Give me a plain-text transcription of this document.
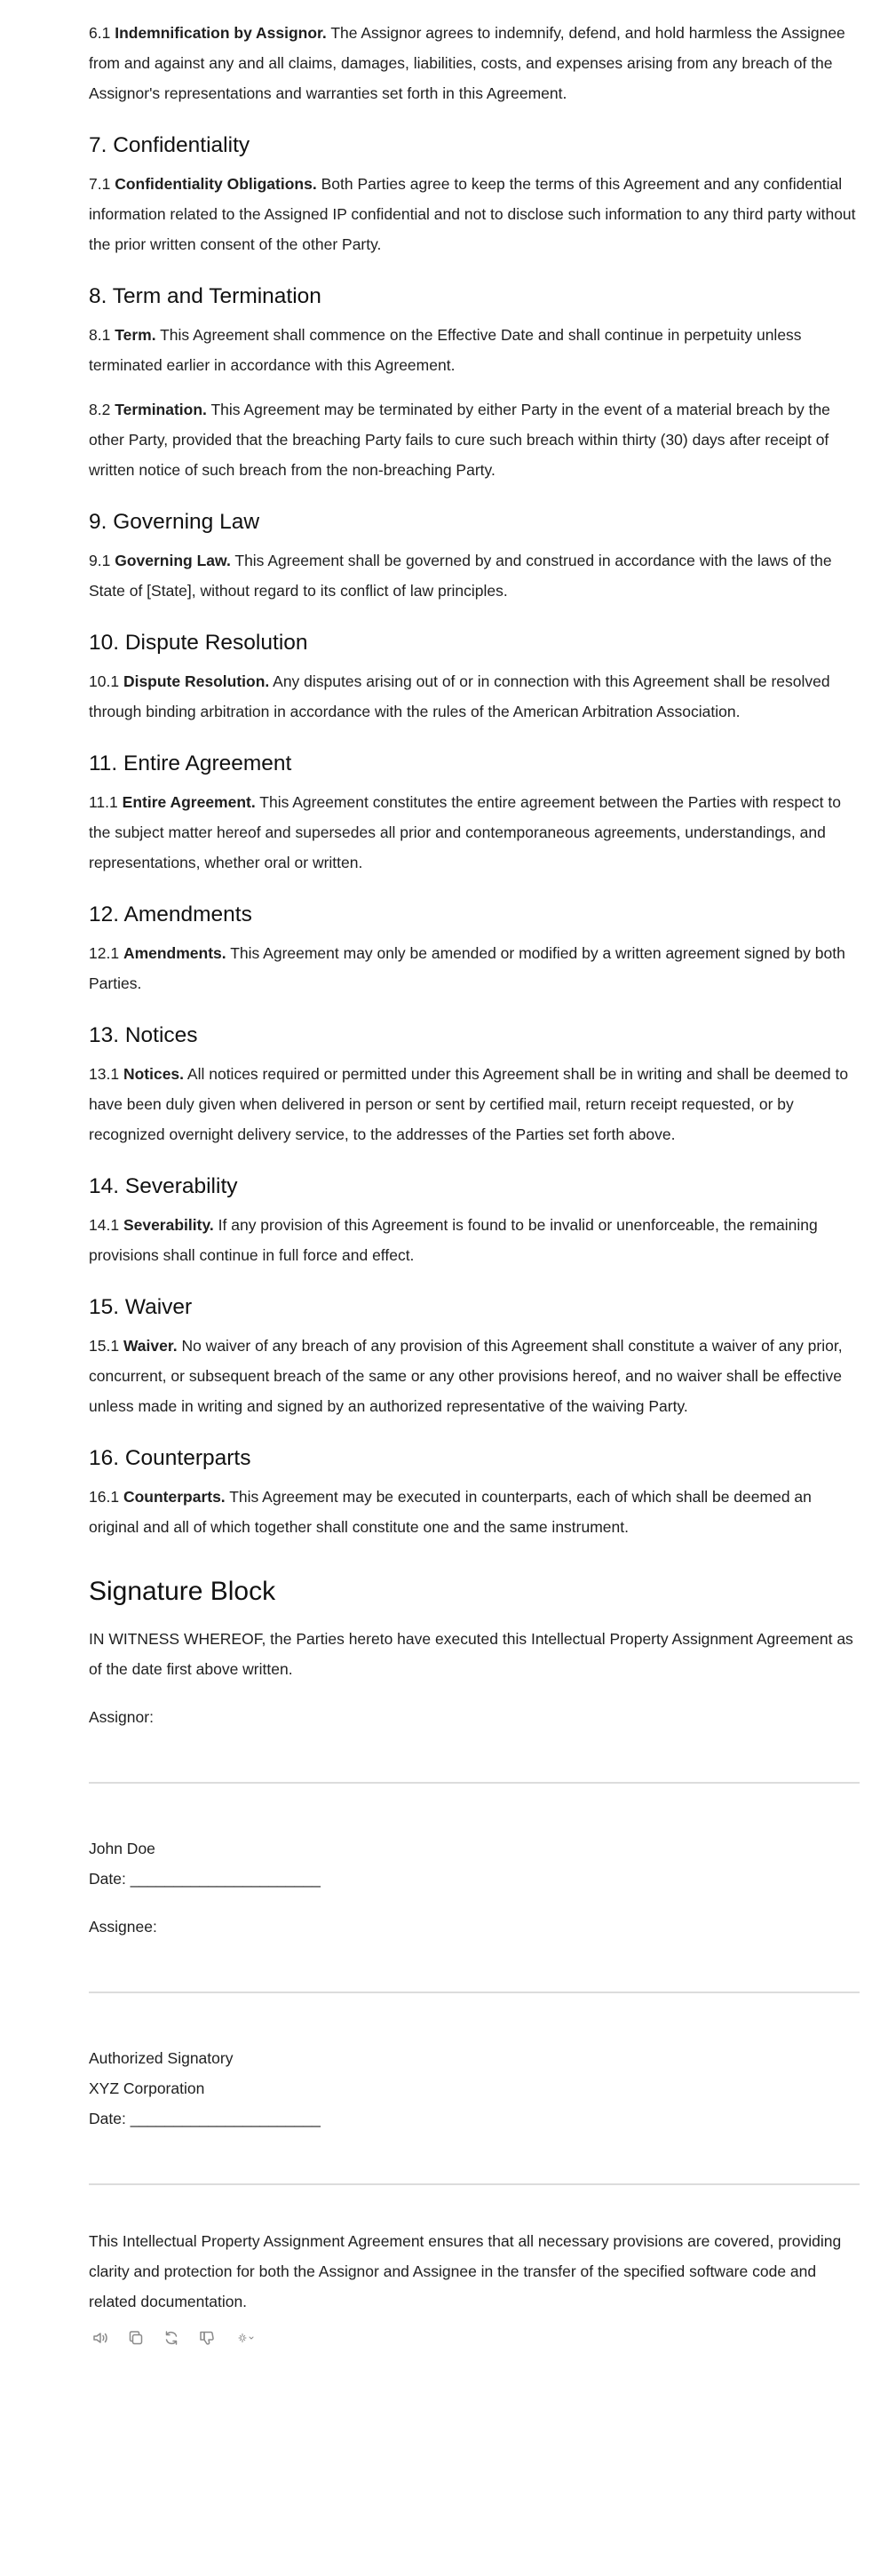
6.1 Indemnification by Assignor. The Assignor agrees to indemnify, defend, and hold harmless the Assignee from and against any and all claims, damages, liabilities, costs, and expenses arising from any breach of the Assignor's representations and warranties set forth in this Agreement.

7. Confidentiality

7.1 Confidentiality Obligations. Both Parties agree to keep the terms of this Agreement and any confidential information related to the Assigned IP confidential and not to disclose such information to any third party without the prior written consent of the other Party.

8. Term and Termination

8.1 Term. This Agreement shall commence on the Effective Date and shall continue in perpetuity unless terminated earlier in accordance with this Agreement.

8.2 Termination. This Agreement may be terminated by either Party in the event of a material breach by the other Party, provided that the breaching Party fails to cure such breach within thirty (30) days after receipt of written notice of such breach from the non-breaching Party.

9. Governing Law

9.1 Governing Law. This Agreement shall be governed by and construed in accordance with the laws of the State of [State], without regard to its conflict of law principles.

10. Dispute Resolution

10.1 Dispute Resolution. Any disputes arising out of or in connection with this Agreement shall be resolved through binding arbitration in accordance with the rules of the American Arbitration Association.

11. Entire Agreement

11.1 Entire Agreement. This Agreement constitutes the entire agreement between the Parties with respect to the subject matter hereof and supersedes all prior and contemporaneous agreements, understandings, and representations, whether oral or written.

12. Amendments

12.1 Amendments. This Agreement may only be amended or modified by a written agreement signed by both Parties.

13. Notices

13.1 Notices. All notices required or permitted under this Agreement shall be in writing and shall be deemed to have been duly given when delivered in person or sent by certified mail, return receipt requested, or by recognized overnight delivery service, to the addresses of the Parties set forth above.

14. Severability

14.1 Severability. If any provision of this Agreement is found to be invalid or unenforceable, the remaining provisions shall continue in full force and effect.

15. Waiver

15.1 Waiver. No waiver of any breach of any provision of this Agreement shall constitute a waiver of any prior, concurrent, or subsequent breach of the same or any other provisions hereof, and no waiver shall be effective unless made in writing and signed by an authorized representative of the waiving Party.

16. Counterparts

16.1 Counterparts. This Agreement may be executed in counterparts, each of which shall be deemed an original and all of which together shall constitute one and the same instrument.

Signature Block

IN WITNESS WHEREOF, the Parties hereto have executed this Intellectual Property Assignment Agreement as of the date first above written.

Assignor:

John Doe

Date: ______________________

Assignee:

Authorized Signatory

XYZ Corporation

Date: ______________________

This Intellectual Property Assignment Agreement ensures that all necessary provisions are covered, providing clarity and protection for both the Assignor and Assignee in the transfer of the specified software code and related documentation.
